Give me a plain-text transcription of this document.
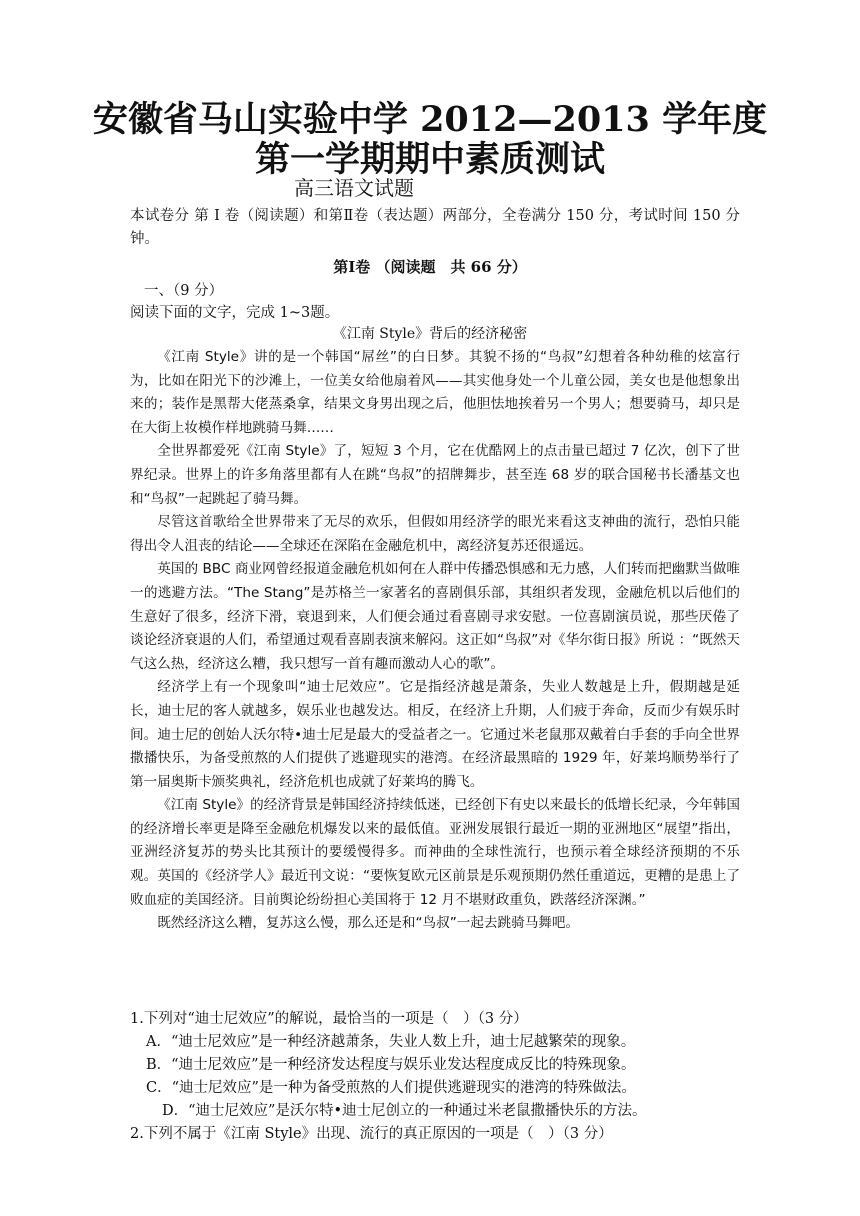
安徽省马山实验中学 2012—2013 学年度
第一学期期中素质测试
高三语文试题
本试卷分 第 I 卷（阅读题）和第Ⅱ卷（表达题）两部分，全卷满分 150 分，考试时间 150 分钟。
第Ⅰ卷 （阅读题　共 66 分）
一、（9 分）
阅读下面的文字，完成 1~3题。
《江南 Style》背后的经济秘密

《江南 Style》讲的是一个韩国“屌丝”的白日梦。其貌不扬的“鸟叔”幻想着各种幼稚的炫富行为，比如在阳光下的沙滩上，一位美女给他扇着风——其实他身处一个儿童公园，美女也是他想象出来的；装作是黑帮大佬蒸桑拿，结果文身男出现之后，他胆怯地挨着另一个男人；想要骑马，却只是在大街上妆模作样地跳骑马舞……

全世界都爱死《江南 Style》了，短短 3 个月，它在优酷网上的点击量已超过 7 亿次，创下了世界纪录。世界上的许多角落里都有人在跳“鸟叔”的招牌舞步，甚至连 68 岁的联合国秘书长潘基文也和“鸟叔”一起跳起了骑马舞。

尽管这首歌给全世界带来了无尽的欢乐，但假如用经济学的眼光来看这支神曲的流行，恐怕只能得出令人沮丧的结论——全球还在深陷在金融危机中，离经济复苏还很遥远。

英国的 BBC 商业网曾经报道金融危机如何在人群中传播恐惧感和无力感，人们转而把幽默当做唯一的逃避方法。“The Stang”是苏格兰一家著名的喜剧俱乐部，其组织者发现，金融危机以后他们的生意好了很多，经济下滑，衰退到来，人们便会通过看喜剧寻求安慰。一位喜剧演员说，那些厌倦了谈论经济衰退的人们，希望通过观看喜剧表演来解闷。这正如“鸟叔”对《华尔街日报》所说 ：“既然天气这么热，经济这么糟，我只想写一首有趣而激动人心的歌”。

经济学上有一个现象叫“迪士尼效应”。它是指经济越是萧条，失业人数越是上升，假期越是延长，迪士尼的客人就越多，娱乐业也越发达。相反，在经济上升期，人们疲于奔命，反而少有娱乐时间。迪士尼的创始人沃尔特•迪士尼是最大的受益者之一。它通过米老鼠那双戴着白手套的手向全世界撒播快乐，为备受煎熬的人们提供了逃避现实的港湾。在经济最黑暗的 1929 年，好莱坞顺势举行了第一届奥斯卡颁奖典礼，经济危机也成就了好莱坞的腾飞。

《江南 Style》的经济背景是韩国经济持续低迷，已经创下有史以来最长的低增长纪录，今年韩国的经济增长率更是降至金融危机爆发以来的最低值。亚洲发展银行最近一期的亚洲地区“展望”指出，亚洲经济复苏的势头比其预计的要缓慢得多。而神曲的全球性流行，也预示着全球经济预期的不乐观。英国的《经济学人》最近刊文说：“要恢复欧元区前景是乐观预期仍然任重道远，更糟的是患上了败血症的美国经济。目前舆论纷纷担心美国将于 12 月不堪财政重负，跌落经济深渊。”

既然经济这么糟，复苏这么慢，那么还是和“鸟叔”一起去跳骑马舞吧。

1.下列对“迪士尼效应”的解说，最恰当的一项是（　）（3 分）
A．“迪士尼效应”是一种经济越萧条，失业人数上升，迪士尼越繁荣的现象。
B．“迪士尼效应”是一种经济发达程度与娱乐业发达程度成反比的特殊现象。
C．“迪士尼效应”是一种为备受煎熬的人们提供逃避现实的港湾的特殊做法。
D．“迪士尼效应”是沃尔特•迪士尼创立的一种通过米老鼠撒播快乐的方法。
2.下列不属于《江南 Style》出现、流行的真正原因的一项是（　）（3 分）
